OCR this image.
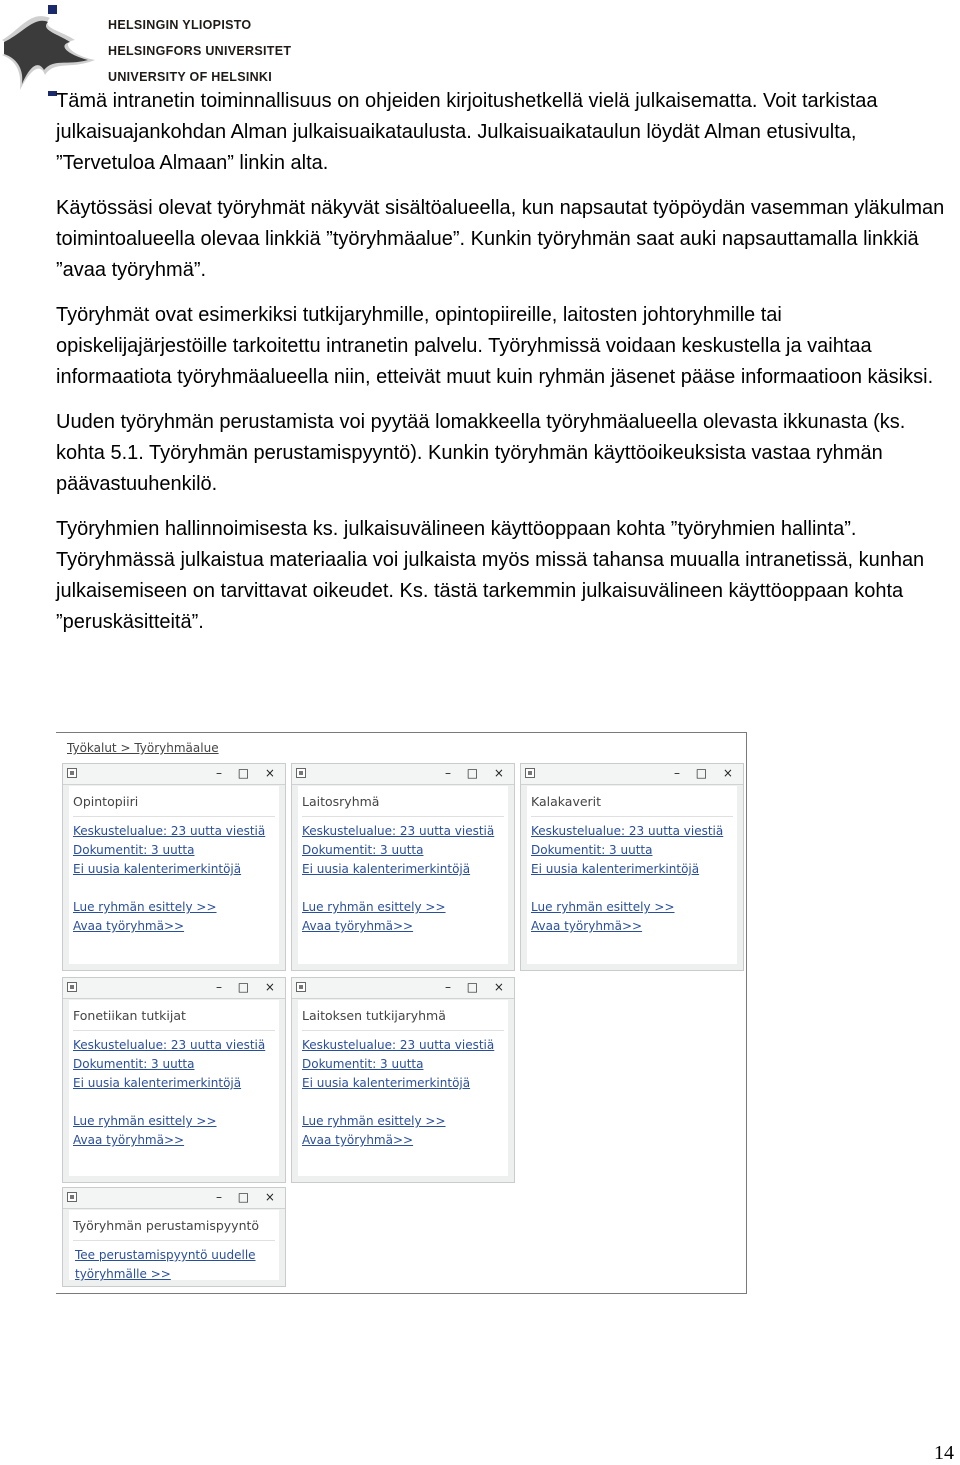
HELSINGIN YLIOPISTO
HELSINGFORS UNIVERSITET
UNIVERSITY OF HELSINKI

Tämä intranetin toiminnallisuus on ohjeiden kirjoitushetkellä vielä julkaisematta. Voit tarkistaa julkaisuajankohdan Alman julkaisuaikataulusta. Julkaisuaikataulun löydät Alman etusivulta, ”Tervetuloa Almaan” linkin alta.

Käytössäsi olevat työryhmät näkyvät sisältöalueella, kun napsautat työpöydän vasemman yläkulman toimintoalueella olevaa linkkiä ”työryhmäalue”. Kunkin työryhmän saat auki napsauttamalla linkkiä ”avaa työryhmä”.

Työryhmät ovat esimerkiksi tutkijaryhmille, opintopiireille, laitosten johtoryhmille tai opiskelijajärjestöille tarkoitettu intranetin palvelu. Työryhmissä voidaan keskustella ja vaihtaa informaatiota työryhmäalueella niin, etteivät muut kuin ryhmän jäsenet pääse informaatioon käsiksi.

Uuden työryhmän perustamista voi pyytää lomakkeella työryhmäalueella olevasta ikkunasta (ks. kohta 5.1. Työryhmän perustamispyyntö). Kunkin työryhmän käyttöoikeuksista vastaa ryhmän päävastuuhenkilö.

Työryhmien hallinnoimisesta ks. julkaisuvälineen käyttöoppaan kohta ”työryhmien hallinta”. Työryhmässä julkaistua materiaalia voi julkaista myös missä tahansa muualla intranetissä, kunhan julkaisemiseen on tarvittavat oikeudet. Ks. tästä tarkemmin julkaisuvälineen käyttöoppaan kohta ”peruskäsitteitä”.

Työkalut > Työryhmäalue
– □ ×
Opintopiiri
Keskustelualue: 23 uutta viestiä
Dokumentit: 3 uutta
Ei uusia kalenterimerkintöjä
Lue ryhmän esittely >>
Avaa työryhmä>>
– □ ×
Laitosryhmä
Keskustelualue: 23 uutta viestiä
Dokumentit: 3 uutta
Ei uusia kalenterimerkintöjä
Lue ryhmän esittely >>
Avaa työryhmä>>
– □ ×
Kalakaverit
Keskustelualue: 23 uutta viestiä
Dokumentit: 3 uutta
Ei uusia kalenterimerkintöjä
Lue ryhmän esittely >>
Avaa työryhmä>>
– □ ×
Fonetiikan tutkijat
Keskustelualue: 23 uutta viestiä
Dokumentit: 3 uutta
Ei uusia kalenterimerkintöjä
Lue ryhmän esittely >>
Avaa työryhmä>>
– □ ×
Laitoksen tutkijaryhmä
Keskustelualue: 23 uutta viestiä
Dokumentit: 3 uutta
Ei uusia kalenterimerkintöjä
Lue ryhmän esittely >>
Avaa työryhmä>>
– □ ×
Työryhmän perustamispyyntö
Tee perustamispyyntö uudelle
työryhmälle >>
14
